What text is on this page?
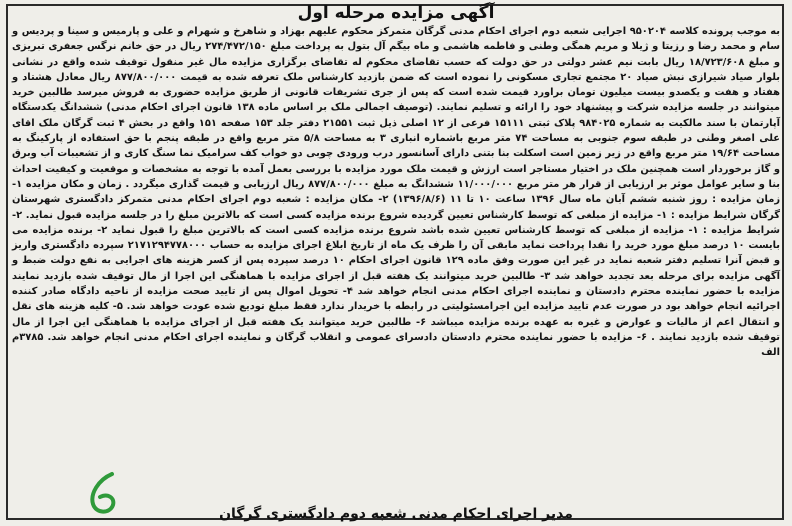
آگهی مزایده مرحله اول
به موجب پرونده کلاسه ۹۵۰۲۰۴ اجرایی شعبه دوم اجرای احکام مدنی گرگان متمرکز محکوم علیهم بهزاد و شاهرخ و شهرام و علی و پارمیس و سینا و پردیس و سام و محمد رضا و رزیتا و ژیلا و مریم همگی وطنی و فاطمه هاشمی و ماه بیگم آل بتول به پرداخت مبلغ ۲۷۴/۴۷۲/۱۵۰ ریال در حق خانم نرگس جعفری تبریزی و مبلغ ۱۸/۷۲۳/۶۰۸ ریال بابت نیم عشر دولتی در حق دولت که حسب تقاضای محکوم له تقاضای برگزاری مزایده مال غیر منقول توقیف شده واقع در نشانی بلوار صیاد شیرازی نبش صیاد ۲۰ مجتمع تجاری مسکونی را نموده است که ضمن بازدید کارشناس ملک تعرفه شده به قیمت ۸۷۷/۸۰۰/۰۰۰ ریال معادل هشتاد و هفتاد و هفت و یکصدو بیست میلیون تومان براورد قیمت شده است که پس از جری تشریفات قانونی از طریق مزایده حضوری به فروش میرسد طالبین خرید میتوانند در جلسه مزایده شرکت و پیشنهاد خود را ارائه و تسلیم نمایند. (توصیف اجمالی ملک بر اساس ماده ۱۳۸ قانون اجرای احکام مدنی) ششدانگ یکدستگاه آپارتمان با سند مالکیت به شماره ۹۸۴۰۲۵ پلاک ثبتی ۱۵۱۱۱ فرعی از ۱۲ اصلی ذیل ثبت ۲۱۵۵۱ دفتر جلد ۱۵۳ صفحه ۱۵۱ واقع در بخش ۴ ثبت گرگان ملک اقای علی اصغر وطنی در طبقه سوم جنوبی به مساحت ۷۴ متر مربع باشماره انباری ۳ به مساحت ۵/۸ متر مربع واقع در طبقه پنجم با حق استفاده از پارکینگ به مساحت ۱۹/۶۴ متر مربع واقع در زیر زمین است اسکلت بنا بتنی دارای آسانسور درب ورودی چوبی دو خواب کف سرامیک نما سنگ کاری و از تشعیبات آب وبرق و گاز برخوردار است همچنین ملک در اختیار مستاجر است ارزش و قیمت ملک مورد مزایده با بررسی بعمل آمده با توجه به مشخصات و موقعیت و کیفیت احداث بنا و سایر عوامل موثر بر ارزیابی از قرار هر متر مربع ۱۱/۰۰۰/۰۰۰ ششدانگ به مبلغ ۸۷۷/۸۰۰/۰۰۰ ریال ارزیابی و قیمت گذاری میگردد . زمان و مکان مزایده ۱- زمان مزایده : روز شنبه ششم آبان ماه سال ۱۳۹۶ ساعت ۱۰ تا ۱۱ (۱۳۹۶/۸/۶) ۲- مکان مزایده : شعبه دوم اجرای احکام مدنی متمرکز دادگستری شهرستان گرگان شرایط مزایده : ۱- مزایده از مبلغی که توسط کارشناس تعیین گردیده شروع برنده مزایده کسی است که بالاترین مبلغ را در جلسه مزایده قبول نماید. ۲- شرایط مزایده : ۱- مزایده از مبلغی که توسط کارشناس تعیین شده باشد شروع برنده مزایده کسی است که بالاترین مبلغ را قبول نماید ۲- برنده مزایده می بایست ۱۰ درصد مبلغ مورد خرید را نقدا پرداخت نماید مابقی آن را ظرف یک ماه از تاریخ ابلاغ اجرای مزایده به حساب ۲۱۷۱۲۹۴۷۷۸۰۰۰ سپرده دادگستری واریز و قبض آنرا تسلیم دفتر شعبه نماید در غیر این صورت وفق ماده ۱۲۹ قانون اجرای احکام ۱۰ درصد سپرده پس از کسر هزینه های اجرایی به نفع دولت ضبط و آگهی مزایده برای مرحله بعد تجدید خواهد شد ۳- طالبین خرید میتوانند یک هفته قبل از اجرای مزایده با هماهنگی این اجرا از مال توقیف شده بازدید نمایند مزایده با حضور نماینده محترم دادستان و نماینده اجرای احکام مدنی انجام خواهد شد ۴- تحویل اموال پس از تایید صحت مزایده از ناحیه دادگاه صادر کننده اجرائیه انجام خواهد بود در صورت عدم تایید مزایده این اجرامسئولیتی در رابطه با خریدار ندارد فقط مبلغ تودیع شده عودت خواهد شد. ۵- کلیه هزینه های نقل و انتقال اعم از مالیات و عوارض و غیره به عهده برنده مزایده میباشد ۶- طالبین خرید میتوانند یک هفته قبل از اجرای مزایده با هماهنگی این اجرا از مال توقیف شده بازدید نمایند . ۶- مزایده با حضور نماینده محترم دادستان دادسرای عمومی و انقلاب گرگان و نماینده اجرای احکام مدنی انجام خواهد شد. ۳۷۸۵م الف
مدیر اجرای احکام مدنی شعبه دوم دادگستری گرگان
